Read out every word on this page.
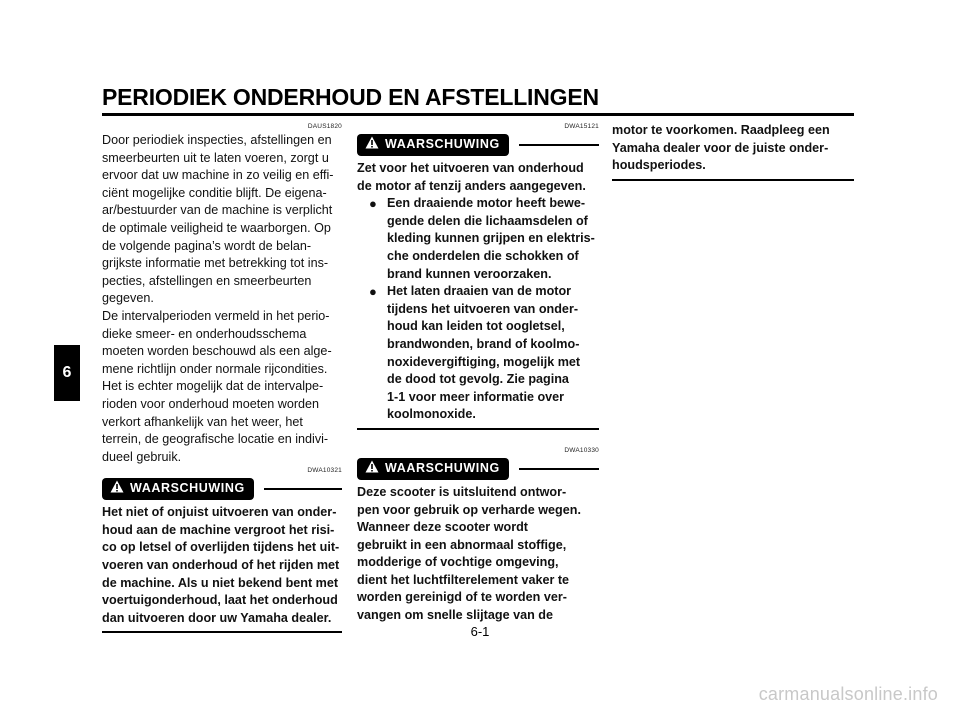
PERIODIEK ONDERHOUD EN AFSTELLINGEN
6
DAUS1820
Door periodiek inspecties, afstellingen en
smeerbeurten uit te laten voeren, zorgt u
ervoor dat uw machine in zo veilig en effi-
ciënt mogelijke conditie blijft. De eigena-
ar/bestuurder van de machine is verplicht
de optimale veiligheid te waarborgen. Op
de volgende pagina’s wordt de belan-
grijkste informatie met betrekking tot ins-
pecties, afstellingen en smeerbeurten
gegeven.
De intervalperioden vermeld in het perio-
dieke smeer- en onderhoudsschema
moeten worden beschouwd als een alge-
mene richtlijn onder normale rijcondities.
Het is echter mogelijk dat de intervalpe-
rioden voor onderhoud moeten worden
verkort afhankelijk van het weer, het
terrein, de geografische locatie en indivi-
dueel gebruik.
DWA10321
WAARSCHUWING
Het niet of onjuist uitvoeren van onder-
houd aan de machine vergroot het risi-
co op letsel of overlijden tijdens het uit-
voeren van onderhoud of het rijden met
de machine. Als u niet bekend bent met
voertuigonderhoud, laat het onderhoud
dan uitvoeren door uw Yamaha dealer.
DWA15121
WAARSCHUWING
Zet voor het uitvoeren van onderhoud
de motor af tenzij anders aangegeven.
● Een draaiende motor heeft bewe-
gende delen die lichaamsdelen of
kleding kunnen grijpen en elektris-
che onderdelen die schokken of
brand kunnen veroorzaken.
● Het laten draaien van de motor
tijdens het uitvoeren van onder-
houd kan leiden tot oogletsel,
brandwonden, brand of koolmo-
noxidevergiftiging, mogelijk met
de dood tot gevolg. Zie pagina
1-1 voor meer informatie over
koolmonoxide.
DWA10330
WAARSCHUWING
Deze scooter is uitsluitend ontwor-
pen voor gebruik op verharde wegen.
Wanneer deze scooter wordt
gebruikt in een abnormaal stoffige,
modderige of vochtige omgeving,
dient het luchtfilterelement vaker te
worden gereinigd of te worden ver-
vangen om snelle slijtage van de
motor te voorkomen. Raadpleeg een
Yamaha dealer voor de juiste onder-
houdsperiodes.
6-1
carmanualsonline.info
